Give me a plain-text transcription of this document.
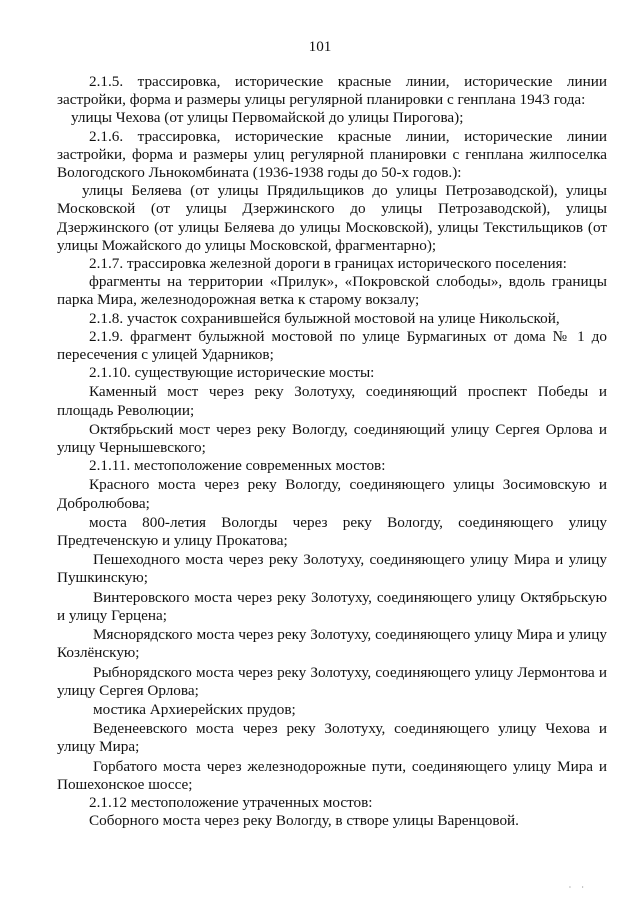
101

2.1.5. трассировка, исторические красные линии, исторические линии застройки, форма и размеры улицы регулярной планировки с генплана 1943 года:

улицы Чехова (от улицы Первомайской до улицы Пирогова);

2.1.6. трассировка, исторические красные линии, исторические линии застройки, форма и размеры улиц регулярной планировки с генплана жилпоселка Вологодского Льнокомбината (1936-1938 годы до 50-х годов.):

улицы Беляева (от улицы Прядильщиков до улицы Петрозаводской), улицы Московской (от улицы Дзержинского до улицы Петрозаводской), улицы Дзержинского (от улицы Беляева до улицы Московской), улицы Текстильщиков (от улицы Можайского до улицы Московской, фрагментарно);

2.1.7. трассировка железной дороги в границах исторического поселения:

фрагменты на территории «Прилук», «Покровской слободы», вдоль границы парка Мира, железнодорожная ветка к старому вокзалу;

2.1.8. участок сохранившейся булыжной мостовой на улице Никольской,

2.1.9. фрагмент булыжной мостовой по улице Бурмагиных от дома № 1 до пересечения с улицей Ударников;

2.1.10. существующие исторические мосты:

Каменный мост через реку Золотуху, соединяющий проспект Победы и площадь Революции;

Октябрьский мост через реку Вологду, соединяющий улицу Сергея Орлова и улицу Чернышевского;

2.1.11. местоположение современных мостов:

Красного моста через реку Вологду, соединяющего улицы Зосимовскую и Добролюбова;

моста 800-летия Вологды через реку Вологду, соединяющего улицу Предтеченскую и улицу Прокатова;

Пешеходного моста через реку Золотуху, соединяющего улицу Мира и улицу Пушкинскую;

Винтеровского моста через реку Золотуху, соединяющего улицу Октябрьскую и улицу Герцена;

Мяснорядского моста через реку Золотуху, соединяющего улицу Мира и улицу Козлёнскую;

Рыбнорядского моста через реку Золотуху, соединяющего улицу Лермонтова и улицу Сергея Орлова;

мостика Архиерейских прудов;

Веденеевского моста через реку Золотуху, соединяющего улицу Чехова и улицу Мира;

Горбатого моста через железнодорожные пути, соединяющего улицу Мира и Пошехонское шоссе;

2.1.12 местоположение утраченных мостов:

Соборного моста через реку Вологду, в створе улицы Варенцовой.

· ·
